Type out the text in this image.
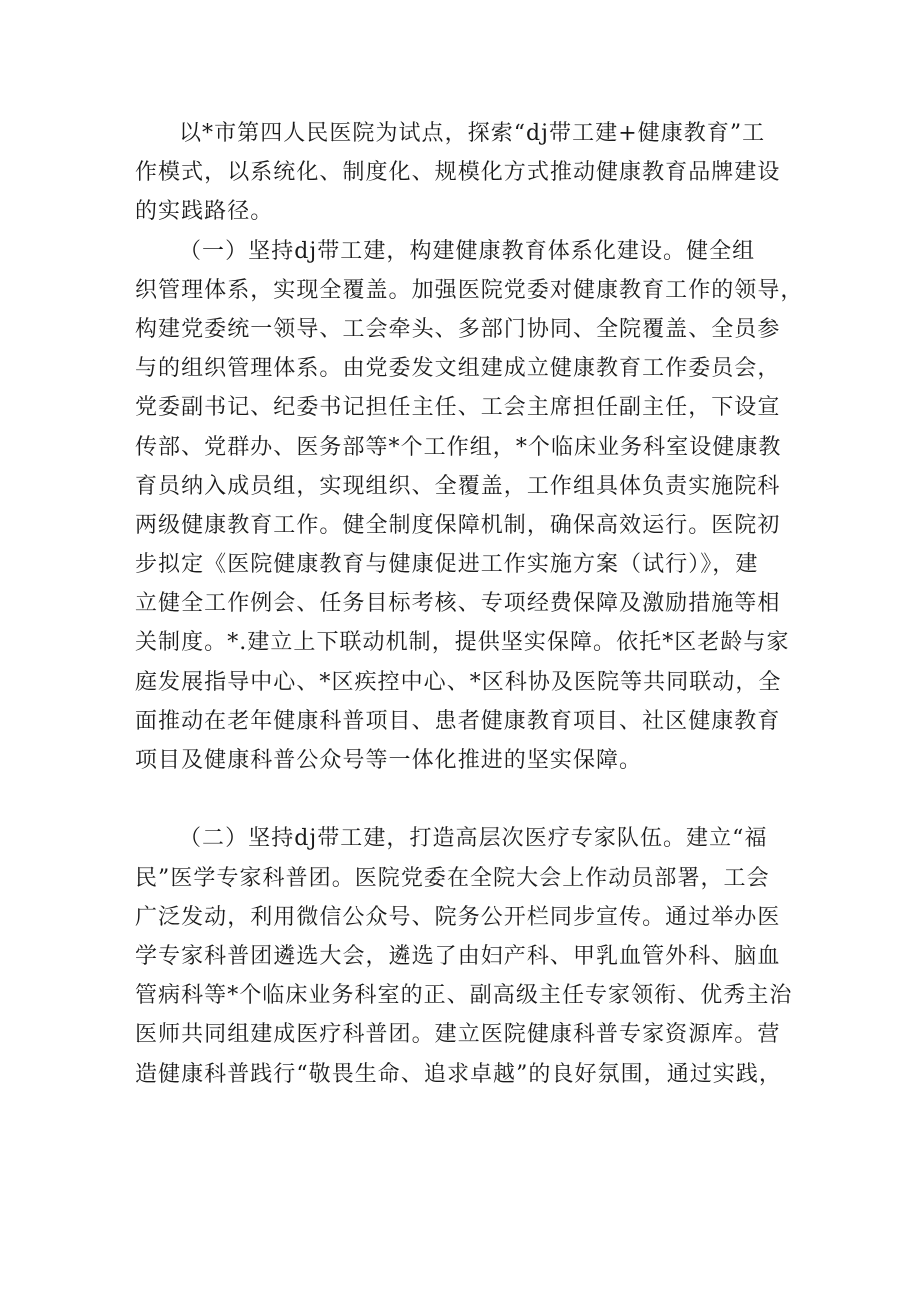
以*市第四人民医院为试点，探索“dj带工建+健康教育”工
作模式，以系统化、制度化、规模化方式推动健康教育品牌建设
的实践路径。
（一）坚持dj带工建，构建健康教育体系化建设。健全组
织管理体系，实现全覆盖。加强医院党委对健康教育工作的领导，
构建党委统一领导、工会牵头、多部门协同、全院覆盖、全员参
与的组织管理体系。由党委发文组建成立健康教育工作委员会，
党委副书记、纪委书记担任主任、工会主席担任副主任，下设宣
传部、党群办、医务部等*个工作组，*个临床业务科室设健康教
育员纳入成员组，实现组织、全覆盖，工作组具体负责实施院科
两级健康教育工作。健全制度保障机制，确保高效运行。医院初
步拟定《医院健康教育与健康促进工作实施方案（试行）》，建
立健全工作例会、任务目标考核、专项经费保障及激励措施等相
关制度。*.建立上下联动机制，提供坚实保障。依托*区老龄与家
庭发展指导中心、*区疾控中心、*区科协及医院等共同联动，全
面推动在老年健康科普项目、患者健康教育项目、社区健康教育
项目及健康科普公众号等一体化推进的坚实保障。
（二）坚持dj带工建，打造高层次医疗专家队伍。建立“福
民”医学专家科普团。医院党委在全院大会上作动员部署，工会
广泛发动，利用微信公众号、院务公开栏同步宣传。通过举办医
学专家科普团遴选大会，遴选了由妇产科、甲乳血管外科、脑血
管病科等*个临床业务科室的正、副高级主任专家领衔、优秀主治
医师共同组建成医疗科普团。建立医院健康科普专家资源库。营
造健康科普践行“敬畏生命、追求卓越”的良好氛围，通过实践，
